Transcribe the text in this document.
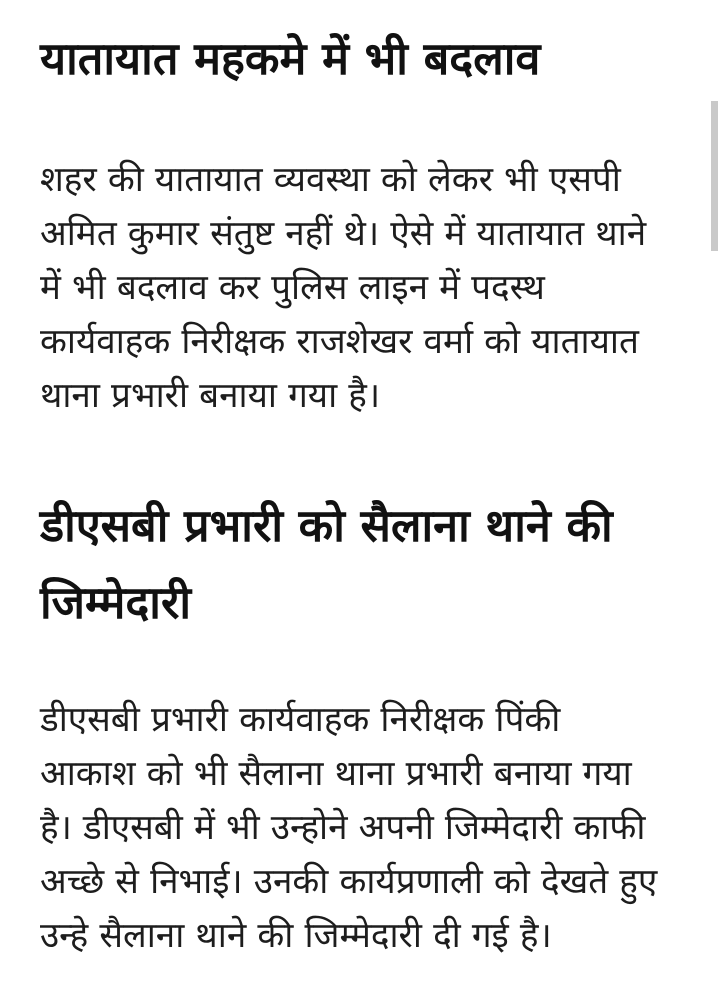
यातायात महकमे में भी बदलाव

शहर की यातायात व्यवस्था को लेकर भी एसपी
अमित कुमार संतुष्ट नहीं थे। ऐसे में यातायात थाने
में भी बदलाव कर पुलिस लाइन में पदस्थ
कार्यवाहक निरीक्षक राजशेखर वर्मा को यातायात
थाना प्रभारी बनाया गया है।

डीएसबी प्रभारी को सैलाना थाने की
जिम्मेदारी

डीएसबी प्रभारी कार्यवाहक निरीक्षक पिंकी
आकाश को भी सैलाना थाना प्रभारी बनाया गया
है। डीएसबी में भी उन्होने अपनी जिम्मेदारी काफी
अच्छे से निभाई। उनकी कार्यप्रणाली को देखते हुए
उन्हे सैलाना थाने की जिम्मेदारी दी गई है।
